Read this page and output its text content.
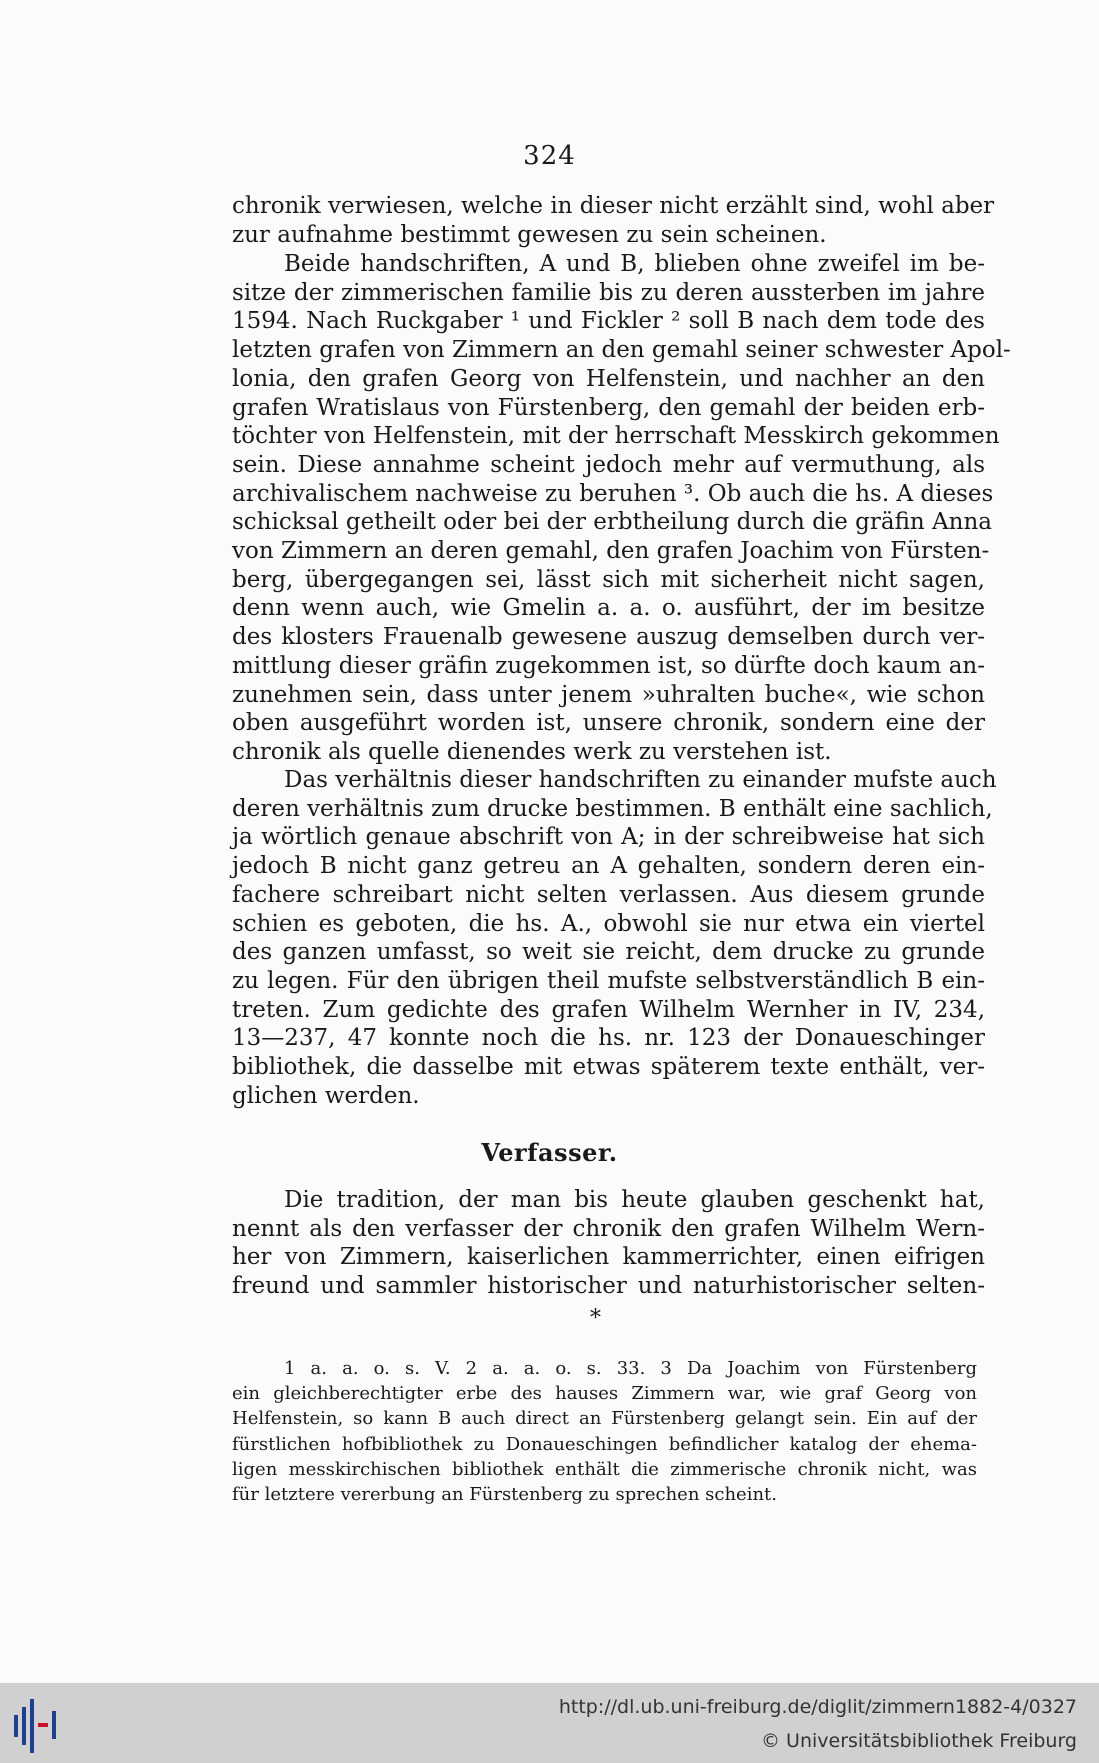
324
chronik verwiesen, welche in dieser nicht erzählt sind, wohl aber
zur aufnahme bestimmt gewesen zu sein scheinen.
Beide handschriften, A und B, blieben ohne zweifel im be-
sitze der zimmerischen familie bis zu deren aussterben im jahre
1594. Nach Ruckgaber ¹ und Fickler ² soll B nach dem tode des
letzten grafen von Zimmern an den gemahl seiner schwester Apol-
lonia, den grafen Georg von Helfenstein, und nachher an den
grafen Wratislaus von Fürstenberg, den gemahl der beiden erb-
töchter von Helfenstein, mit der herrschaft Messkirch gekommen
sein. Diese annahme scheint jedoch mehr auf vermuthung, als
archivalischem nachweise zu beruhen ³. Ob auch die hs. A dieses
schicksal getheilt oder bei der erbtheilung durch die gräfin Anna
von Zimmern an deren gemahl, den grafen Joachim von Fürsten-
berg, übergegangen sei, lässt sich mit sicherheit nicht sagen,
denn wenn auch, wie Gmelin a. a. o. ausführt, der im besitze
des klosters Frauenalb gewesene auszug demselben durch ver-
mittlung dieser gräfin zugekommen ist, so dürfte doch kaum an-
zunehmen sein, dass unter jenem »uhralten buche«, wie schon
oben ausgeführt worden ist, unsere chronik, sondern eine der
chronik als quelle dienendes werk zu verstehen ist.
Das verhältnis dieser handschriften zu einander mufste auch
deren verhältnis zum drucke bestimmen. B enthält eine sachlich,
ja wörtlich genaue abschrift von A; in der schreibweise hat sich
jedoch B nicht ganz getreu an A gehalten, sondern deren ein-
fachere schreibart nicht selten verlassen. Aus diesem grunde
schien es geboten, die hs. A., obwohl sie nur etwa ein viertel
des ganzen umfasst, so weit sie reicht, dem drucke zu grunde
zu legen. Für den übrigen theil mufste selbstverständlich B ein-
treten. Zum gedichte des grafen Wilhelm Wernher in IV, 234,
13—237, 47 konnte noch die hs. nr. 123 der Donaueschinger
bibliothek, die dasselbe mit etwas späterem texte enthält, ver-
glichen werden.
Verfasser.
Die tradition, der man bis heute glauben geschenkt hat,
nennt als den verfasser der chronik den grafen Wilhelm Wern-
her von Zimmern, kaiserlichen kammerrichter, einen eifrigen
freund und sammler historischer und naturhistorischer selten-
*
1 a. a. o. s. V. 2 a. a. o. s. 33. 3 Da Joachim von Fürstenberg
ein gleichberechtigter erbe des hauses Zimmern war, wie graf Georg von
Helfenstein, so kann B auch direct an Fürstenberg gelangt sein. Ein auf der
fürstlichen hofbibliothek zu Donaueschingen befindlicher katalog der ehema-
ligen messkirchischen bibliothek enthält die zimmerische chronik nicht, was
für letztere vererbung an Fürstenberg zu sprechen scheint.
http://dl.ub.uni-freiburg.de/diglit/zimmern1882-4/0327
© Universitätsbibliothek Freiburg
